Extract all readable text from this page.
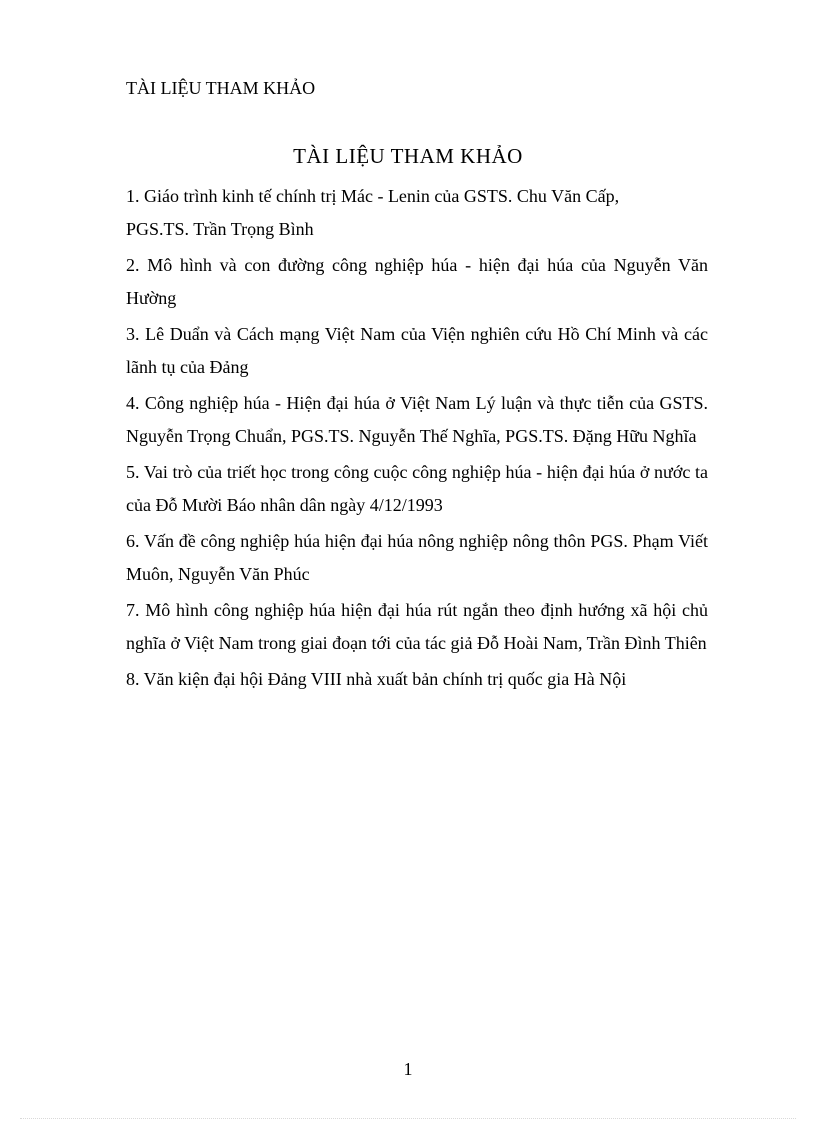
TÀI LIỆU THAM KHẢO
TÀI LIỆU THAM KHẢO
1. Giáo trình kinh tế chính trị Mác - Lenin của GSTS. Chu Văn Cấp,
PGS.TS. Trần Trọng Bình
2. Mô hình và con đường công nghiệp húa - hiện đại húa của Nguyễn Văn Hường
3. Lê Duẩn và Cách mạng Việt Nam của Viện nghiên cứu Hồ Chí Minh và các lãnh tụ của Đảng
4. Công nghiệp húa - Hiện đại húa ở Việt Nam Lý luận và thực tiễn của GSTS. Nguyễn Trọng Chuẩn, PGS.TS. Nguyễn Thế Nghĩa, PGS.TS. Đặng Hữu Nghĩa
5. Vai trò của triết học trong công cuộc công nghiệp húa - hiện đại húa ở nước ta của Đỗ Mười Báo nhân dân ngày 4/12/1993
6. Vấn đề công nghiệp húa hiện đại húa nông nghiệp nông thôn PGS. Phạm Viết Muôn, Nguyễn Văn Phúc
7. Mô hình công nghiệp húa hiện đại húa rút ngắn theo định hướng xã hội chủ nghĩa ở Việt Nam trong giai đoạn tới của tác giả Đỗ Hoài Nam, Trần Đình Thiên
8. Văn kiện đại hội Đảng VIII nhà xuất bản chính trị quốc gia Hà Nội
1
